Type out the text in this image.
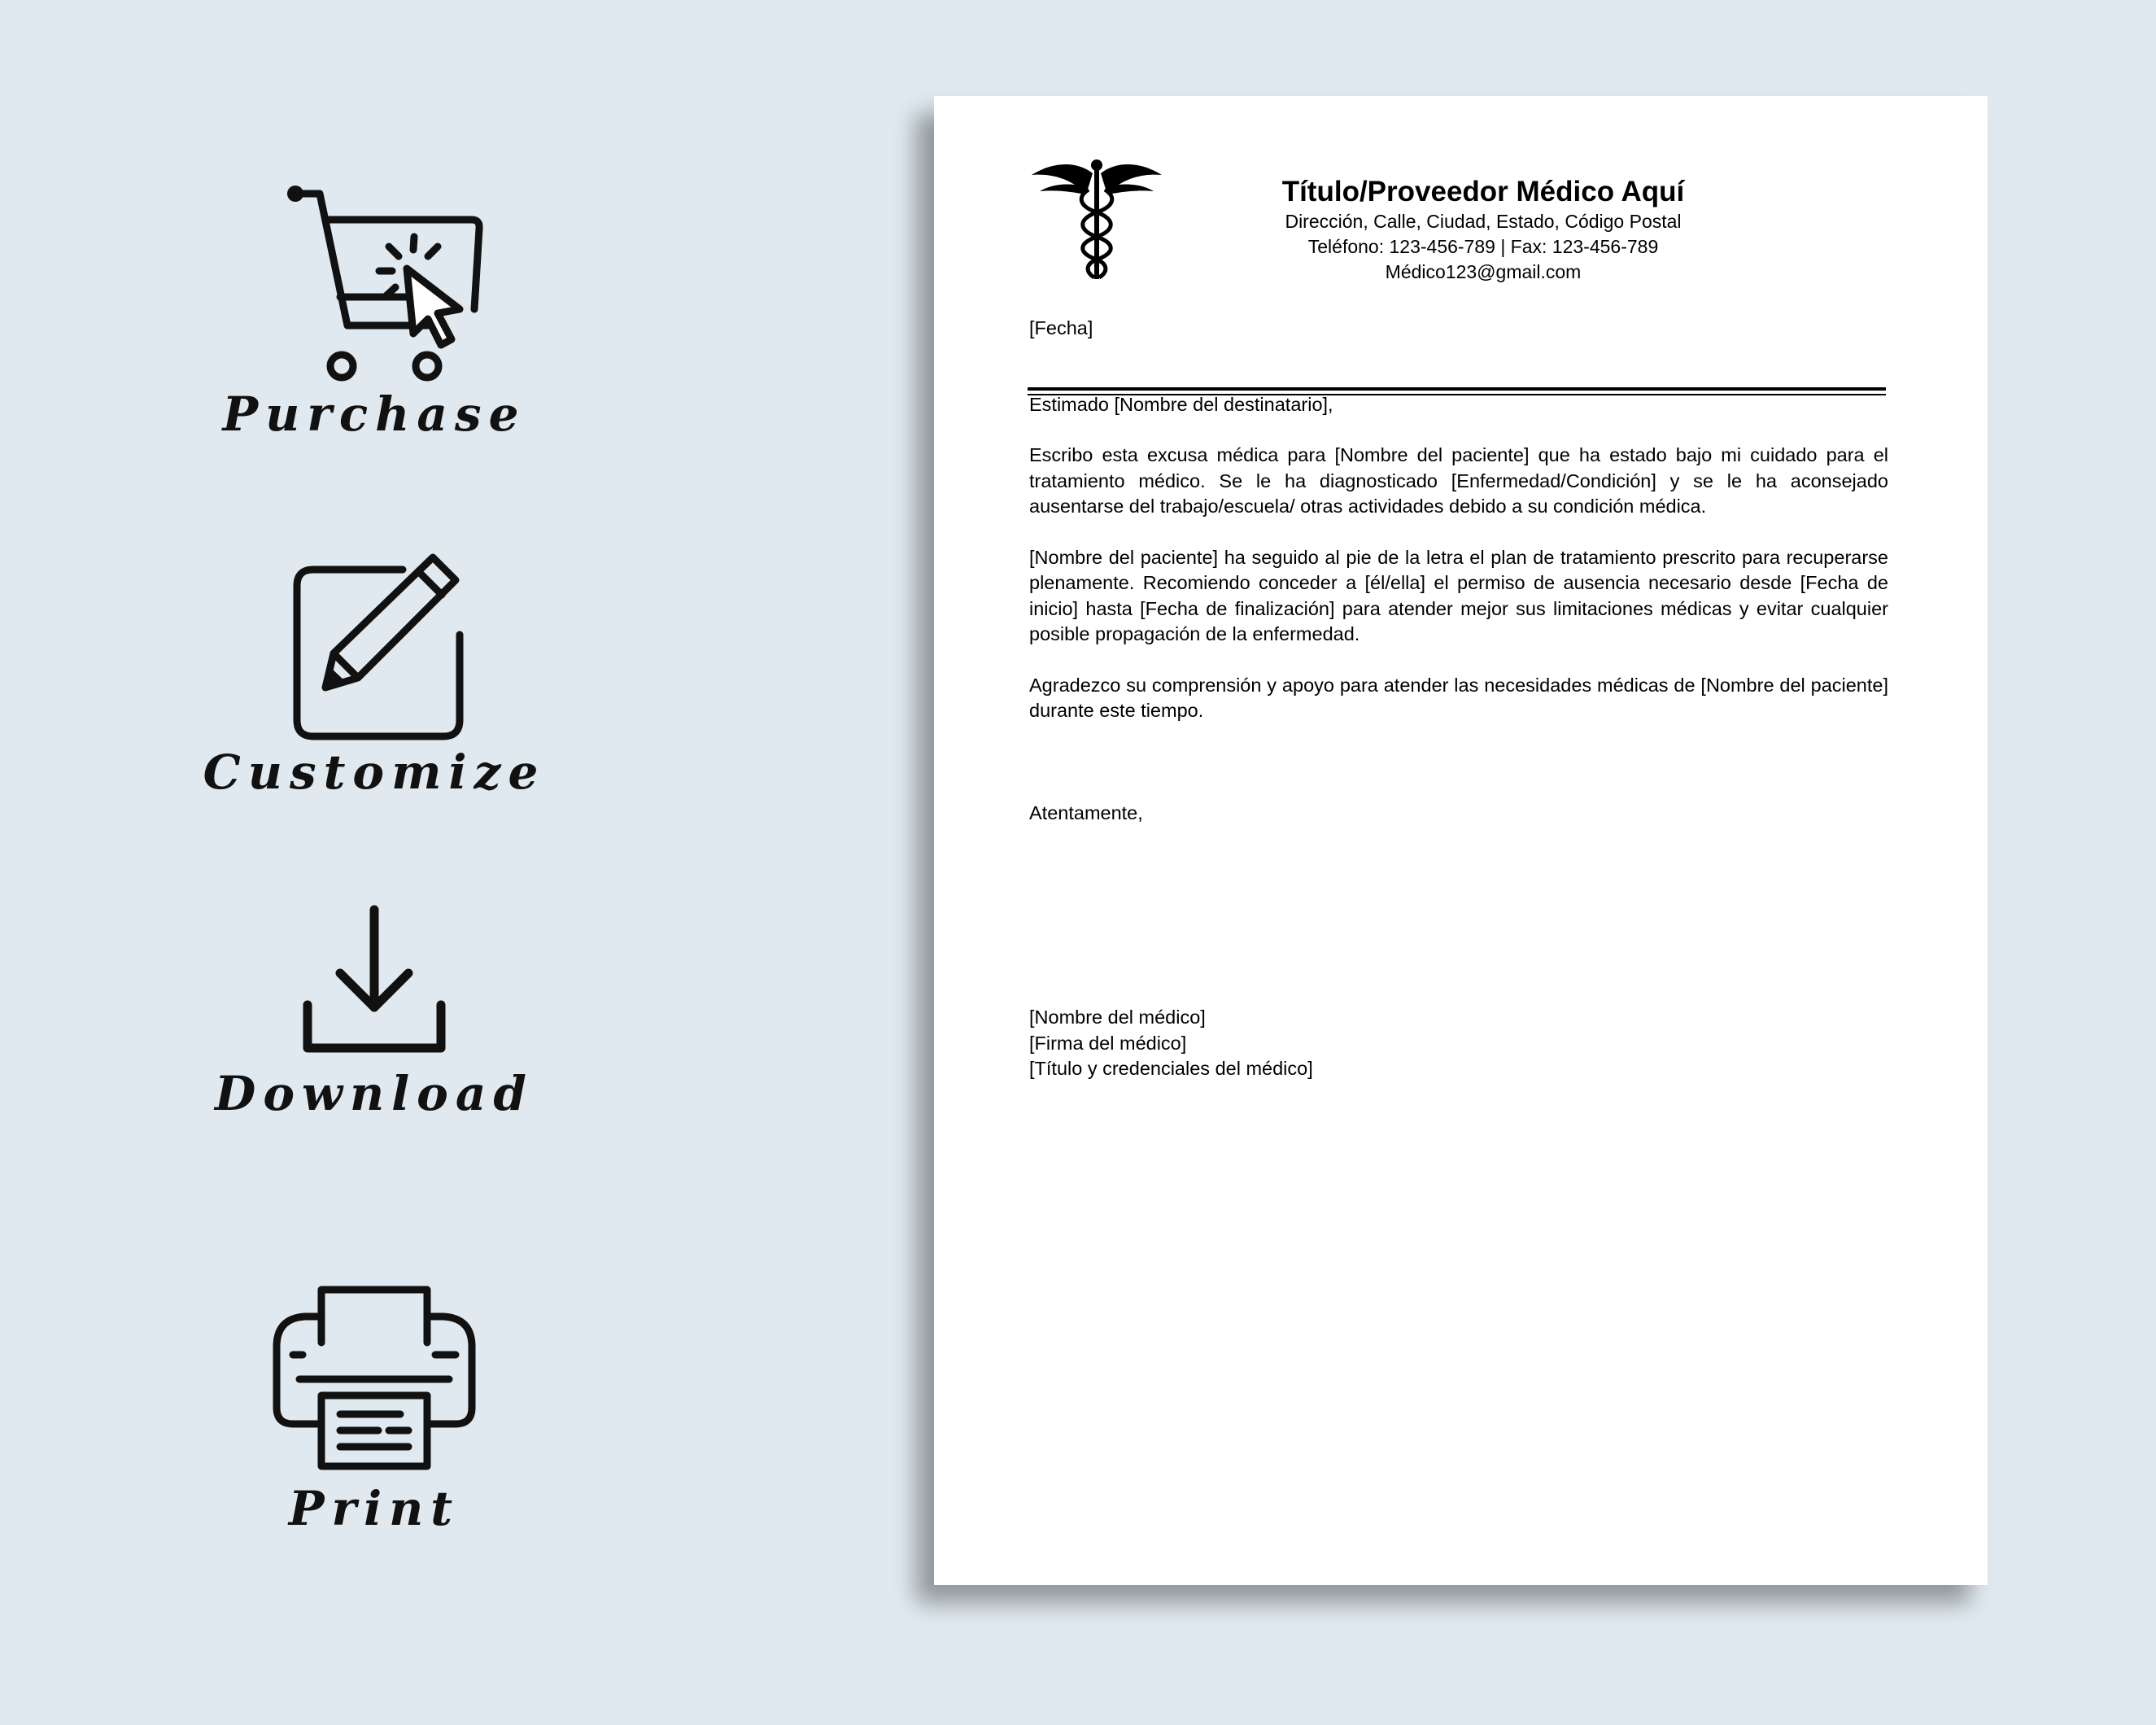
Purchase
Customize
Download
Print
Título/Proveedor Médico Aquí
Dirección, Calle, Ciudad, Estado, Código Postal
Teléfono: 123-456-789 | Fax: 123-456-789
Médico123@gmail.com

[Fecha]

Estimado [Nombre del destinatario],

Escribo esta excusa médica para [Nombre del paciente] que ha estado bajo mi cuidado para el tratamiento médico. Se le ha diagnosticado [Enfermedad/Condición] y se le ha aconsejado ausentarse del trabajo/escuela/ otras actividades debido a su condición médica.

[Nombre del paciente] ha seguido al pie de la letra el plan de tratamiento prescrito para recuperarse plenamente. Recomiendo conceder a [él/ella] el permiso de ausencia necesario desde [Fecha de inicio] hasta [Fecha de finalización] para atender mejor sus limitaciones médicas y evitar cualquier posible propagación de la enfermedad.

Agradezco su comprensión y apoyo para atender las necesidades médicas de [Nombre del paciente] durante este tiempo.

Atentamente,

[Nombre del médico]
[Firma del médico]
[Título y credenciales del médico]
